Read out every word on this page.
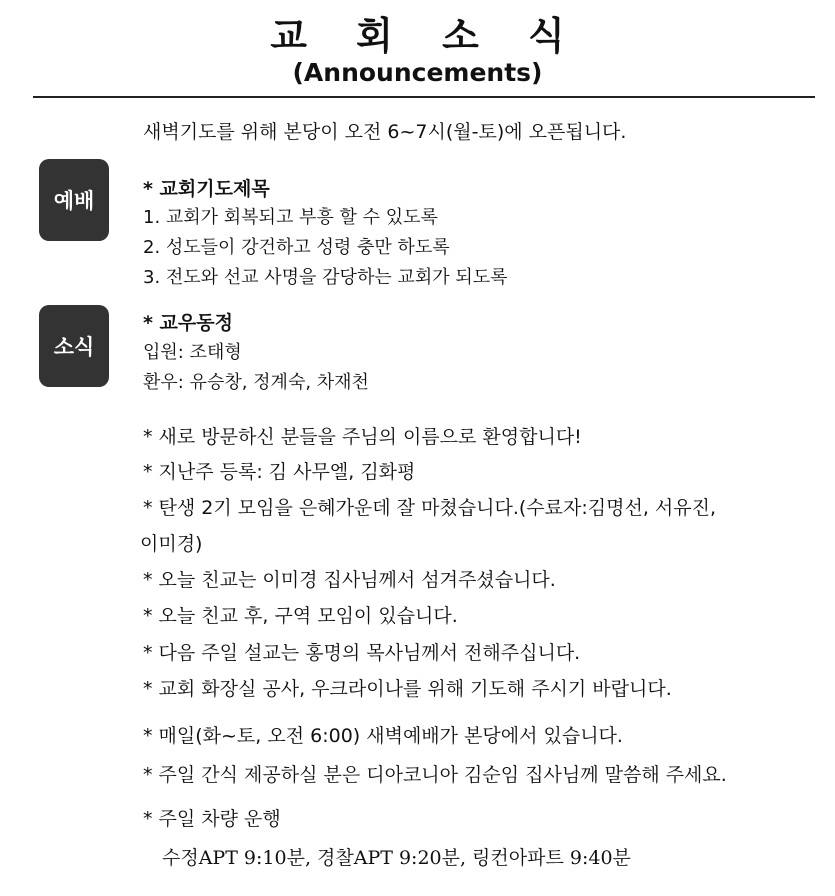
교 회 소 식
(Announcements)
새벽기도를 위해 본당이 오전 6~7시(월-토)에 오픈됩니다.
예배
소식
* 교회기도제목
1. 교회가 회복되고 부흥 할 수 있도록
2. 성도들이 강건하고 성령 충만 하도록
3. 전도와 선교 사명을 감당하는 교회가 되도록
* 교우동정
입원: 조태형
환우: 유승창, 정계숙, 차재천
* 새로 방문하신 분들을 주님의 이름으로 환영합니다!
* 지난주 등록: 김 사무엘, 김화평
* 탄생 2기 모임을 은혜가운데 잘 마쳤습니다.(수료자:김명선, 서유진,
이미경)
* 오늘 친교는 이미경 집사님께서 섬겨주셨습니다.
* 오늘 친교 후, 구역 모임이 있습니다.
* 다음 주일 설교는 홍명의 목사님께서 전해주십니다.
* 교회 화장실 공사, 우크라이나를 위해 기도해 주시기 바랍니다.
* 매일(화~토, 오전 6:00) 새벽예배가 본당에서 있습니다.
* 주일 간식 제공하실 분은 디아코니아 김순임 집사님께 말씀해 주세요.
* 주일 차량 운행
수정APT 9:10분, 경찰APT 9:20분, 링컨아파트 9:40분
